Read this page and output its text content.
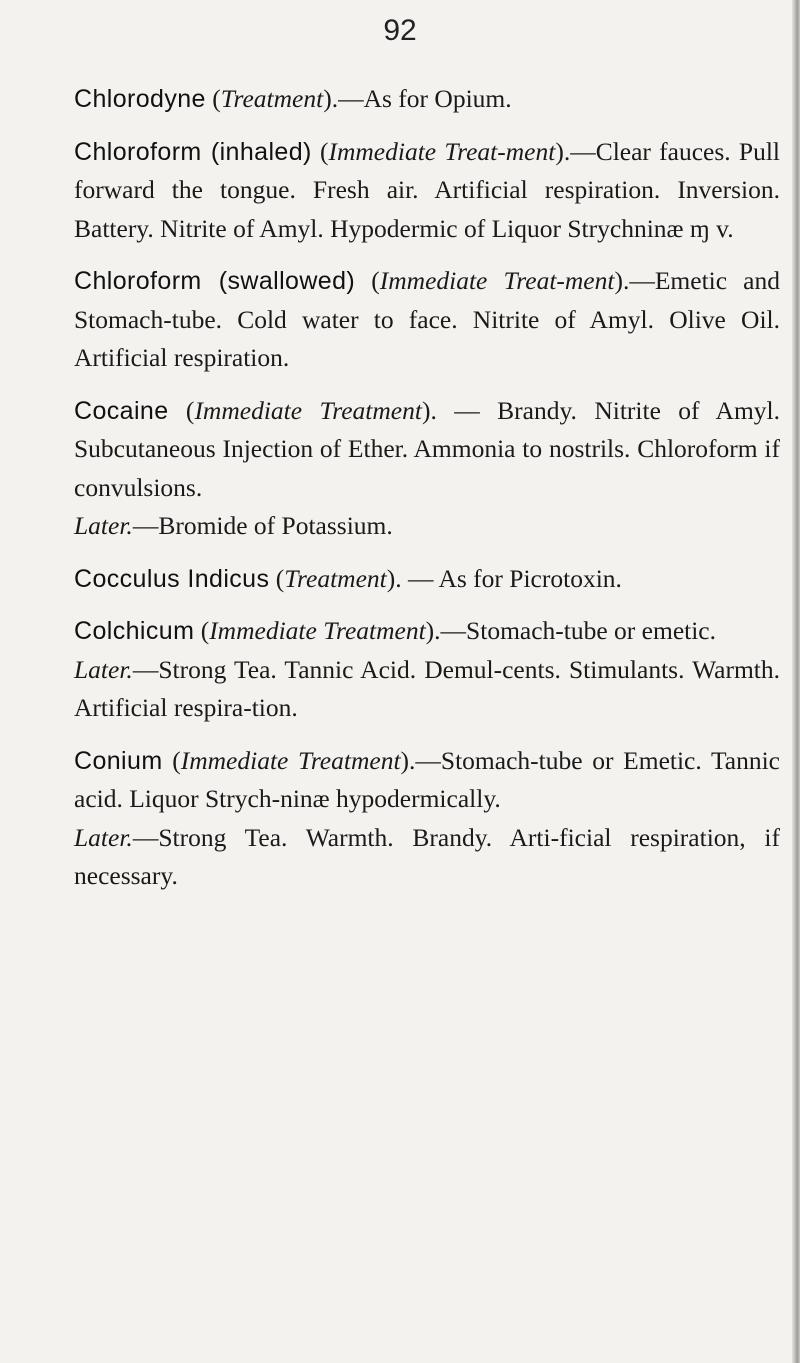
92

Chlorodyne (Treatment).—As for Opium.

Chloroform (inhaled) (Immediate Treat-ment).—Clear fauces. Pull forward the tongue. Fresh air. Artificial respiration. Inversion. Battery. Nitrite of Amyl. Hypodermic of Liquor Strychninæ ɱ v.

Chloroform (swallowed) (Immediate Treat-ment).—Emetic and Stomach-tube. Cold water to face. Nitrite of Amyl. Olive Oil. Artificial respiration.

Cocaine (Immediate Treatment). — Brandy. Nitrite of Amyl. Subcutaneous Injection of Ether. Ammonia to nostrils. Chloroform if convulsions.

Later.—Bromide of Potassium.

Cocculus Indicus (Treatment). — As for Picrotoxin.

Colchicum (Immediate Treatment).—Stomach-tube or emetic.

Later.—Strong Tea. Tannic Acid. Demul-cents. Stimulants. Warmth. Artificial respira-tion.

Conium (Immediate Treatment).—Stomach-tube or Emetic. Tannic acid. Liquor Strych-ninæ hypodermically.

Later.—Strong Tea. Warmth. Brandy. Arti-ficial respiration, if necessary.
